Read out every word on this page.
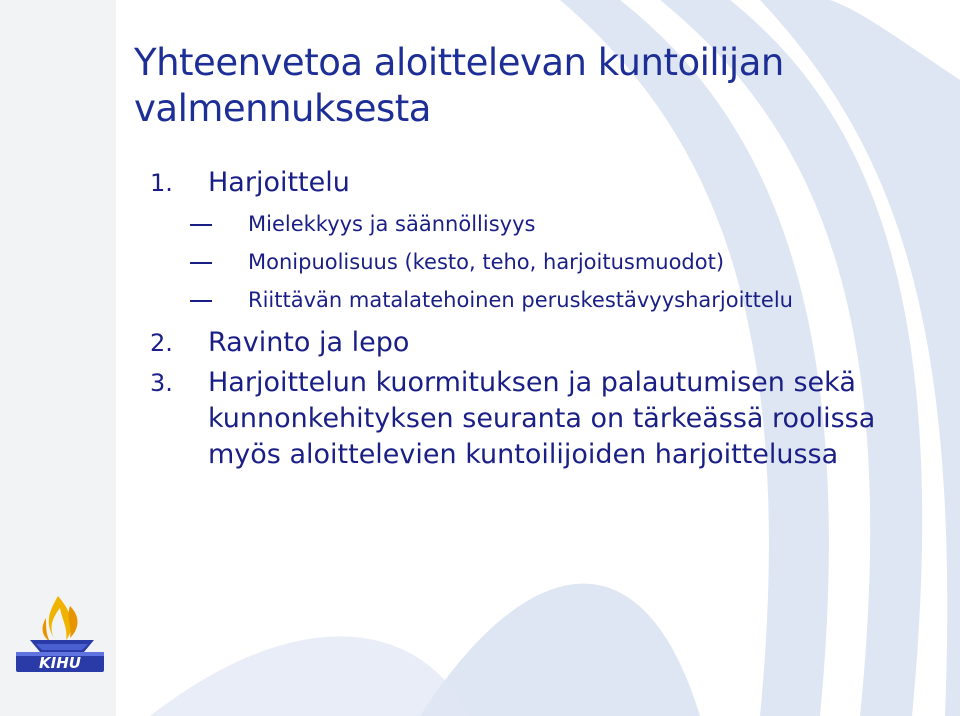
Yhteenvetoa aloittelevan kuntoilijan
valmennuksesta
1. Harjoittelu
Mielekkyys ja säännöllisyys
Monipuolisuus (kesto, teho, harjoitusmuodot)
Riittävän matalatehoinen peruskestävyysharjoittelu
2. Ravinto ja lepo
3. Harjoittelun kuormituksen ja palautumisen sekä
kunnonkehityksen seuranta on tärkeässä roolissa
myös aloittelevien kuntoilijoiden harjoittelussa
KIHU
